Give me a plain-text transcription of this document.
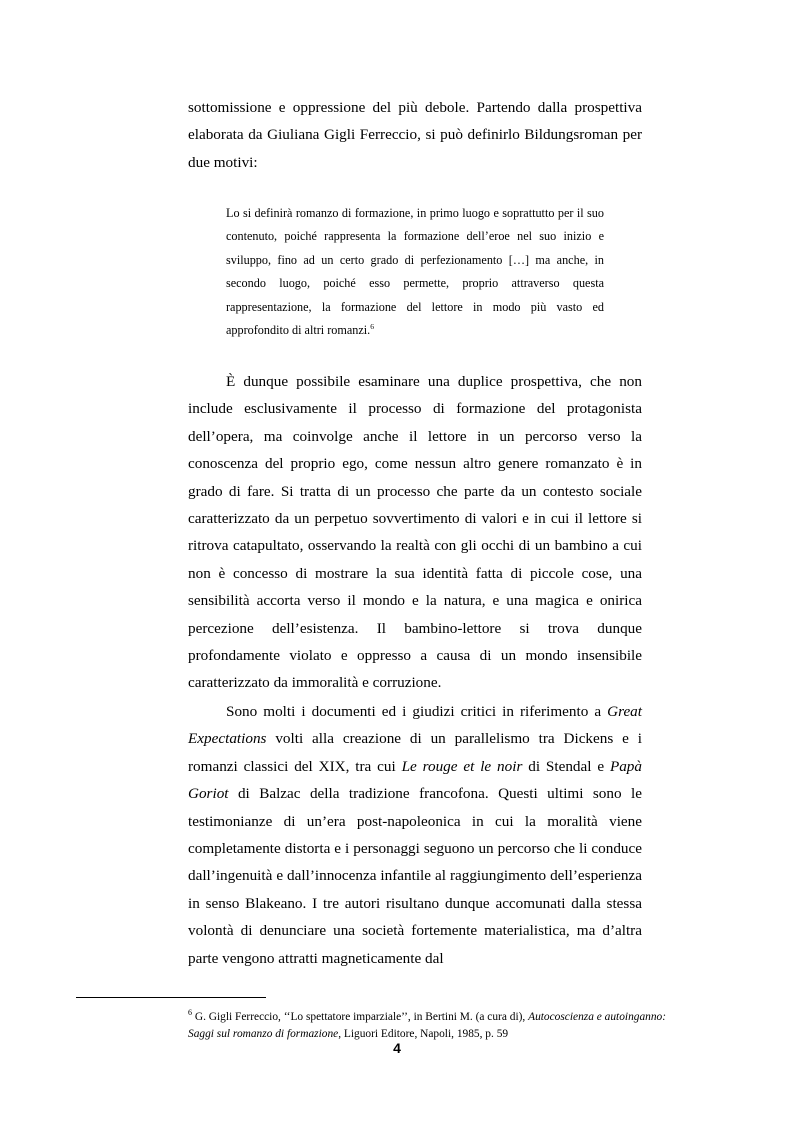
sottomissione e oppressione del più debole. Partendo dalla prospettiva elaborata da Giuliana Gigli Ferreccio, si può definirlo Bildungsroman per due motivi:

Lo si definirà romanzo di formazione, in primo luogo e soprattutto per il suo contenuto, poiché rappresenta la formazione dell’eroe nel suo inizio e sviluppo, fino ad un certo grado di perfezionamento […] ma anche, in secondo luogo, poiché esso permette, proprio attraverso questa rappresentazione, la formazione del lettore in modo più vasto ed approfondito di altri romanzi.$^6$

È dunque possibile esaminare una duplice prospettiva, che non include esclusivamente il processo di formazione del protagonista dell’opera, ma coinvolge anche il lettore in un percorso verso la conoscenza del proprio ego, come nessun altro genere romanzato è in grado di fare. Si tratta di un processo che parte da un contesto sociale caratterizzato da un perpetuo sovvertimento di valori e in cui il lettore si ritrova catapultato, osservando la realtà con gli occhi di un bambino a cui non è concesso di mostrare la sua identità fatta di piccole cose, una sensibilità accorta verso il mondo e la natura, e una magica e onirica percezione dell’esistenza. Il bambino-lettore si trova dunque profondamente violato e oppresso a causa di un mondo insensibile caratterizzato da immoralità e corruzione.

Sono molti i documenti ed i giudizi critici in riferimento a Great Expectations volti alla creazione di un parallelismo tra Dickens e i romanzi classici del XIX, tra cui Le rouge et le noir di Stendal e Papà Goriot di Balzac della tradizione francofona. Questi ultimi sono le testimonianze di un’era post-napoleonica in cui la moralità viene completamente distorta e i personaggi seguono un percorso che li conduce dall’ingenuità e dall’innocenza infantile al raggiungimento dell’esperienza in senso Blakeano. I tre autori risultano dunque accomunati dalla stessa volontà di denunciare una società fortemente materialistica, ma d’altra parte vengono attratti magneticamente dal

$^6$ G. Gigli Ferreccio, ‘‘Lo spettatore imparziale’’, in Bertini M. (a cura di), Autocoscienza e autoinganno: Saggi sul romanzo di formazione, Liguori Editore, Napoli, 1985, p. 59

4
